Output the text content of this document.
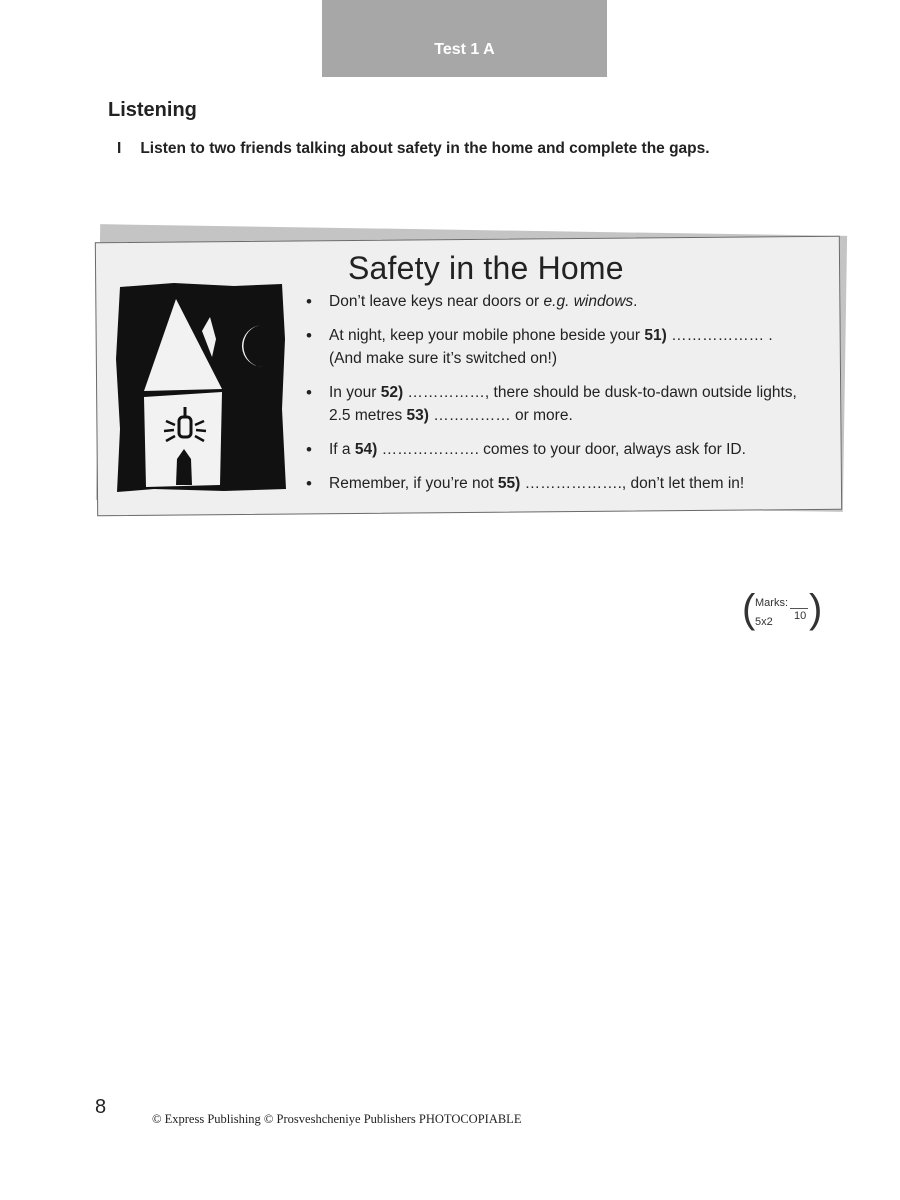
Test 1 A
Listening
I Listen to two friends talking about safety in the home and complete the gaps.
Safety in the Home
• Don’t leave keys near doors or e.g. windows.
• At night, keep your mobile phone beside your 51) ……………… .
(And make sure it’s switched on!)
• In your 52) ……………, there should be dusk-to-dawn outside lights,
2.5 metres 53) …………… or more.
• If a 54) ………………. comes to your door, always ask for ID.
• Remember, if you’re not 55) ………………., don’t let them in!
( Marks:
10
5x2 )
8
© Express Publishing © Prosveshcheniye Publishers PHOTOCOPIABLE
